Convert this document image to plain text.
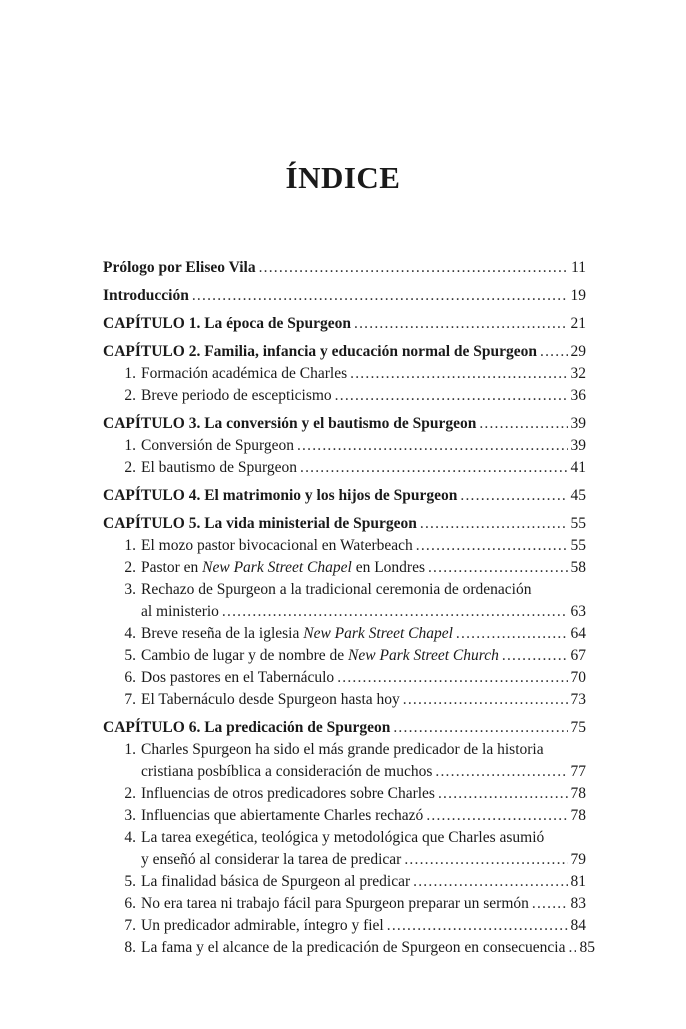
ÍNDICE
Prólogo por Eliseo Vila .....	11
Introducción .....	19
CAPÍTULO 1. La época de Spurgeon .....	21
CAPÍTULO 2. Familia, infancia y educación normal de Spurgeon ..... 29
1. Formación académica de Charles .....	32
2. Breve periodo de escepticismo .....	36
CAPÍTULO 3. La conversión y el bautismo de Spurgeon .....	39
1. Conversión de Spurgeon .....	39
2. El bautismo de Spurgeon .....	41
CAPÍTULO 4. El matrimonio y los hijos de Spurgeon .....	45
CAPÍTULO 5. La vida ministerial de Spurgeon .....	55
1. El mozo pastor bivocacional en Waterbeach .....	55
2. Pastor en New Park Street Chapel en Londres .....	58
3. Rechazo de Spurgeon a la tradicional ceremonia de ordenación
al ministerio .....	63
4. Breve reseña de la iglesia New Park Street Chapel .....	64
5. Cambio de lugar y de nombre de New Park Street Church .....	67
6. Dos pastores en el Tabernáculo .....	70
7. El Tabernáculo desde Spurgeon hasta hoy .....	73
CAPÍTULO 6. La predicación de Spurgeon .....	75
1. Charles Spurgeon ha sido el más grande predicador de la historia
cristiana posbíblica a consideración de muchos .....	77
2. Influencias de otros predicadores sobre Charles .....	78
3. Influencias que abiertamente Charles rechazó .....	78
4. La tarea exegética, teológica y metodológica que Charles asumió
y enseñó al considerar la tarea de predicar .....	79
5. La finalidad básica de Spurgeon al predicar .....	81
6. No era tarea ni trabajo fácil para Spurgeon preparar un sermón .....	83
7. Un predicador admirable, íntegro y fiel .....	84
8. La fama y el alcance de la predicación de Spurgeon en consecuencia ..... 85
